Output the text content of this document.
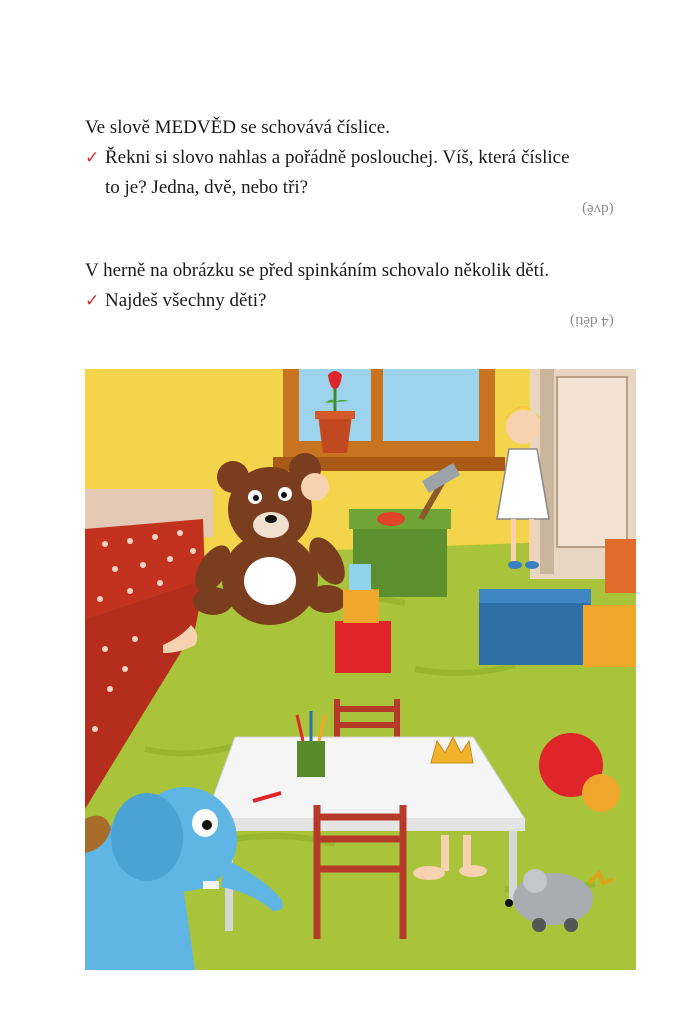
Ve slově MEDVĚD se schovává číslice.
✓ Řekni si slovo nahlas a pořádně poslouchej. Víš, která číslice
to je? Jedna, dvě, nebo tři?
(dvě)
V herně na obrázku se před spinkáním schovalo několik dětí.
✓ Najdeš všechny děti?
(4 děti)
